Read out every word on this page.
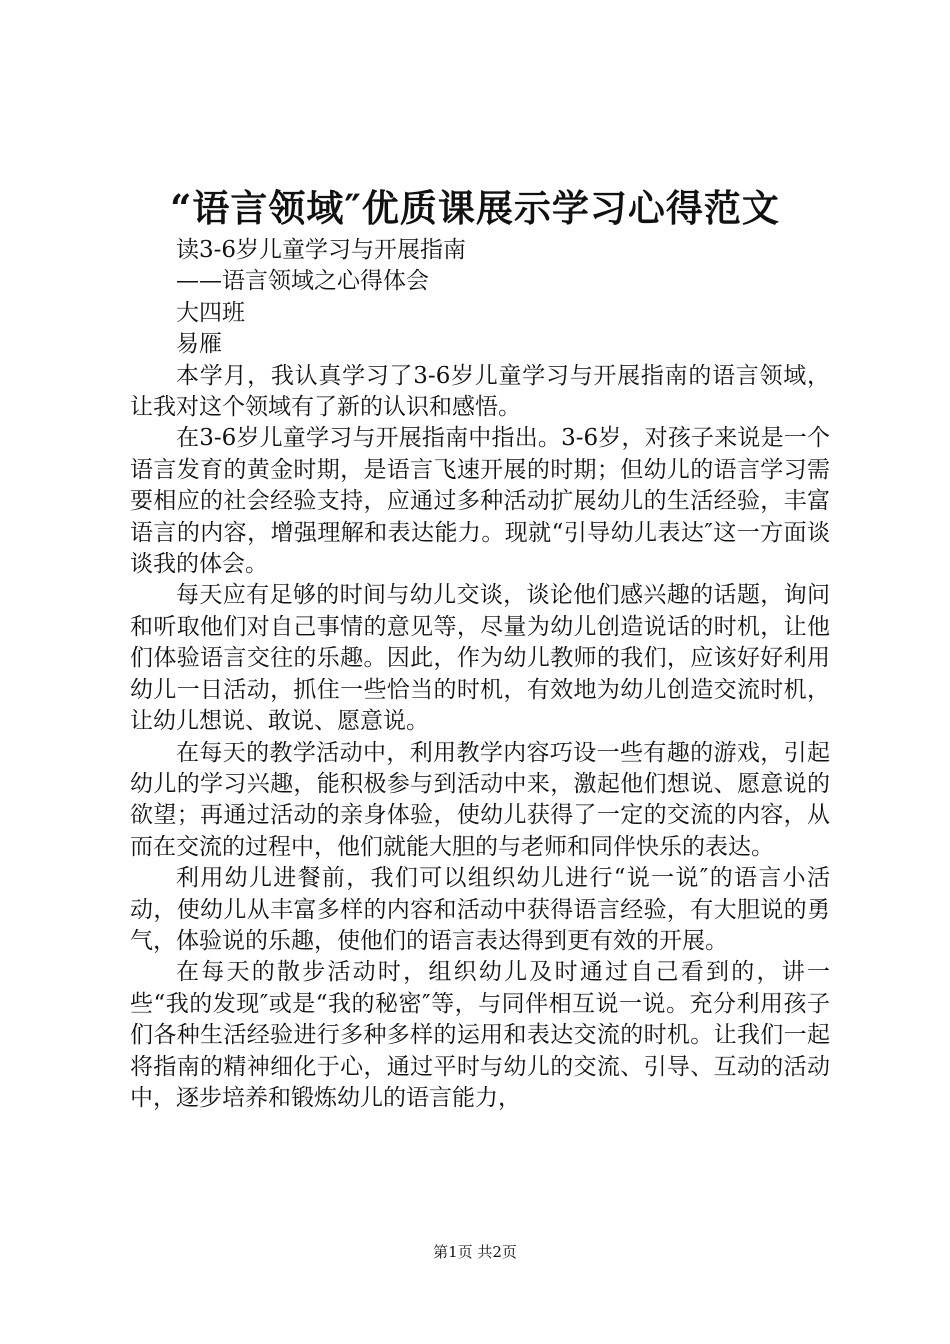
“语言领域″优质课展示学习心得范文

读3-6岁儿童学习与开展指南

——语言领域之心得体会

大四班

易雁

本学月，我认真学习了3-6岁儿童学习与开展指南的语言领域，让我对这个领域有了新的认识和感悟。

在3-6岁儿童学习与开展指南中指出。3-6岁，对孩子来说是一个语言发育的黄金时期，是语言飞速开展的时期；但幼儿的语言学习需要相应的社会经验支持，应通过多种活动扩展幼儿的生活经验，丰富语言的内容，增强理解和表达能力。现就“引导幼儿表达″这一方面谈谈我的体会。

每天应有足够的时间与幼儿交谈，谈论他们感兴趣的话题，询问和听取他们对自己事情的意见等，尽量为幼儿创造说话的时机，让他们体验语言交往的乐趣。因此，作为幼儿教师的我们，应该好好利用幼儿一日活动，抓住一些恰当的时机，有效地为幼儿创造交流时机，让幼儿想说、敢说、愿意说。

在每天的教学活动中，利用教学内容巧设一些有趣的游戏，引起幼儿的学习兴趣，能积极参与到活动中来，激起他们想说、愿意说的欲望；再通过活动的亲身体验，使幼儿获得了一定的交流的内容，从而在交流的过程中，他们就能大胆的与老师和同伴快乐的表达。

利用幼儿进餐前，我们可以组织幼儿进行“说一说″的语言小活动，使幼儿从丰富多样的内容和活动中获得语言经验，有大胆说的勇气，体验说的乐趣，使他们的语言表达得到更有效的开展。

在每天的散步活动时，组织幼儿及时通过自己看到的，讲一些“我的发现″或是“我的秘密″等，与同伴相互说一说。充分利用孩子们各种生活经验进行多种多样的运用和表达交流的时机。让我们一起将指南的精神细化于心，通过平时与幼儿的交流、引导、互动的活动中，逐步培养和锻炼幼儿的语言能力，

第1页 共2页
